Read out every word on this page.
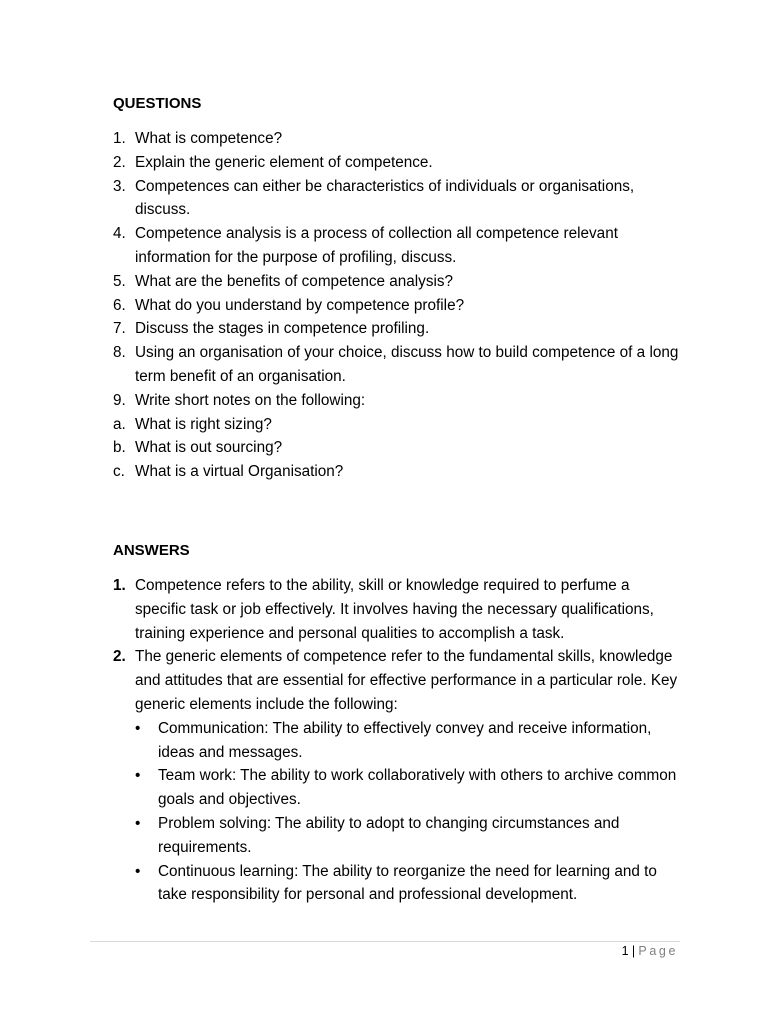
QUESTIONS

1. What is competence?
2. Explain the generic element of competence.
3. Competences can either be characteristics of individuals or organisations, discuss.
4. Competence analysis is a process of collection all competence relevant information for the purpose of profiling, discuss.
5. What are the benefits of competence analysis?
6. What do you understand by competence profile?
7. Discuss the stages in competence profiling.
8. Using an organisation of your choice, discuss how to build competence of a long term benefit of an organisation.
9. Write short notes on the following:
a. What is right sizing?
b. What is out sourcing?
c. What is a virtual Organisation?

ANSWERS

1. Competence refers to the ability, skill or knowledge required to perfume a specific task or job effectively. It involves having the necessary qualifications, training experience and personal qualities to accomplish a task.
2. The generic elements of competence refer to the fundamental skills, knowledge and attitudes that are essential for effective performance in a particular role. Key generic elements include the following:
• Communication: The ability to effectively convey and receive information, ideas and messages.
• Team work: The ability to work collaboratively with others to archive common goals and objectives.
• Problem solving: The ability to adopt to changing circumstances and requirements.
• Continuous learning: The ability to reorganize the need for learning and to take responsibility for personal and professional development.
1 | Page
